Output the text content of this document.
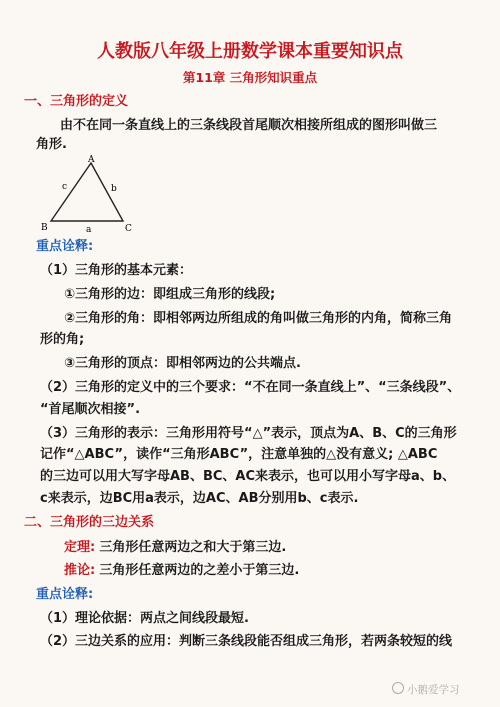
人教版八年级上册数学课本重要知识点
第11章 三角形知识重点
一、三角形的定义
由不在同一条直线上的三条线段首尾顺次相接所组成的图形叫做三
角形.
A
B	C
c	b
a
重点诠释:
（1）三角形的基本元素：
①三角形的边：即组成三角形的线段;
②三角形的角：即相邻两边所组成的角叫做三角形的内角，简称三角
形的角;
③三角形的顶点：即相邻两边的公共端点.
（2）三角形的定义中的三个要求：“不在同一条直线上”、“三条线段”、
“首尾顺次相接”.
（3）三角形的表示：三角形用符号“△”表示，顶点为A、B、C的三角形
记作“△ABC”，读作“三角形ABC”，注意单独的△没有意义; △ABC
的三边可以用大写字母AB、BC、AC来表示，也可以用小写字母a、b、
c来表示，边BC用a表示，边AC、AB分别用b、c表示.
二、三角形的三边关系
定理: 三角形任意两边之和大于第三边.
推论: 三角形任意两边的之差小于第三边.
重点诠释:
（1）理论依据：两点之间线段最短.
（2）三边关系的应用：判断三条线段能否组成三角形，若两条较短的线
小鹅爱学习
